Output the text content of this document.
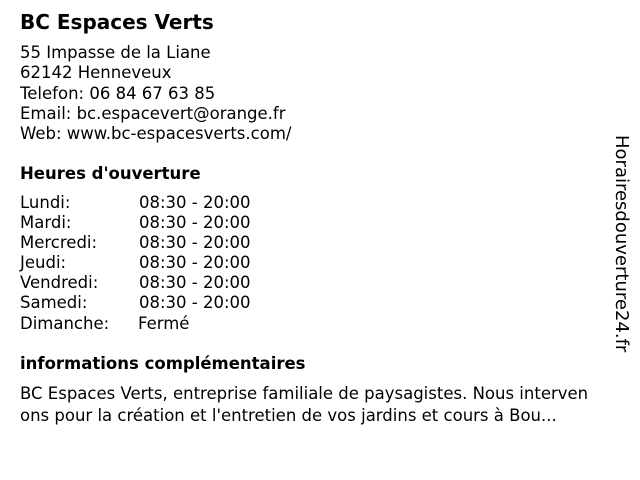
BC Espaces Verts
55 Impasse de la Liane
62142 Henneveux
Telefon: 06 84 67 63 85
Email: bc.espacevert@orange.fr
Web: www.bc-espacesverts.com/
Heures d'ouverture
Lundi:	08:30 - 20:00
Mardi:	08:30 - 20:00
Mercredi:	08:30 - 20:00
Jeudi:	08:30 - 20:00
Vendredi: 08:30 - 20:00
Samedi:	08:30 - 20:00
Dimanche: Fermé
informations complémentaires
BC Espaces Verts, entreprise familiale de paysagistes. Nous interven
ons pour la création et l'entretien de vos jardins et cours à Bou...
Horairesdouverture24.fr
